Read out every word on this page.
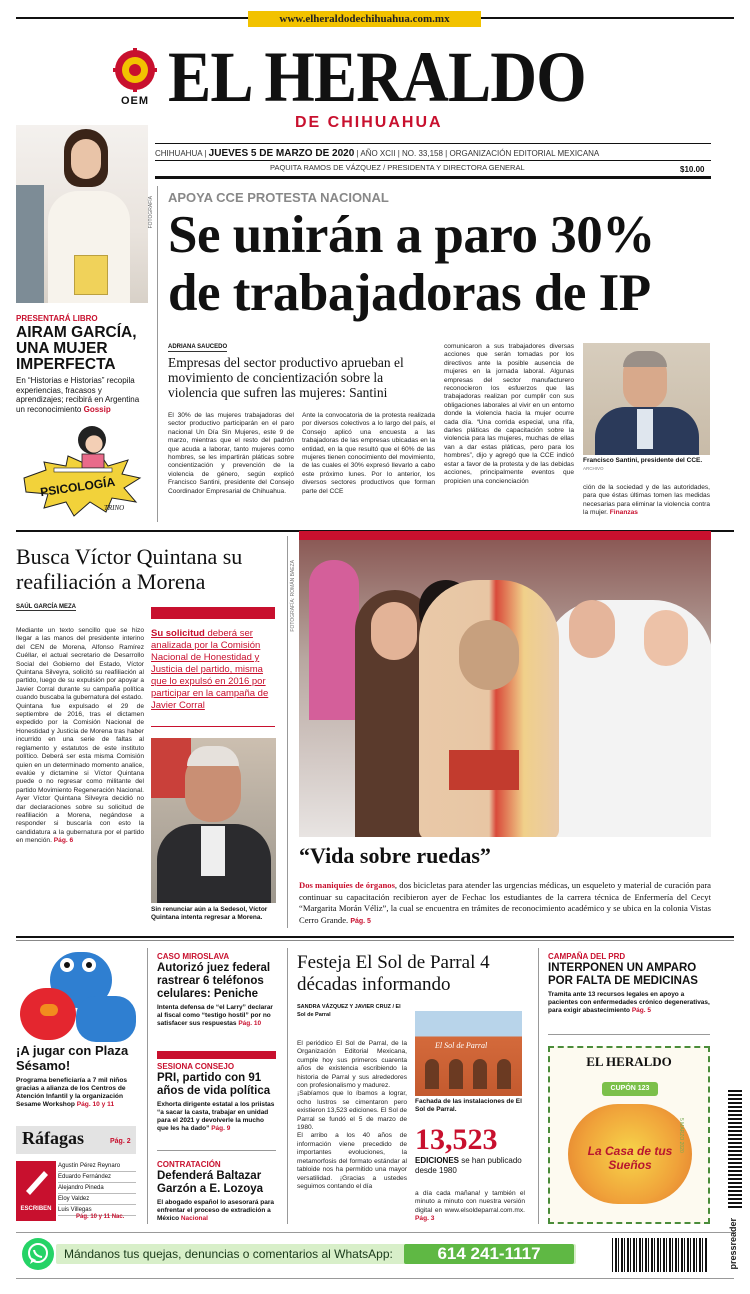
www.elheraldodechihuahua.com.mx
OEM EL HERALDO
DE CHIHUAHUA
CHIHUAHUA | JUEVES 5 DE MARZO DE 2020 | AÑO XCII | NO. 33,158 | ORGANIZACIÓN EDITORIAL MEXICANA
PAQUITA RAMOS DE VÁZQUEZ / PRESIDENTA Y DIRECTORA GENERAL	$10.00
FOTOGRAFÍA
PRESENTARÁ LIBRO
AIRAM GARCÍA, UNA MUJER IMPERFECTA
En “Historias e Historias” recopila experiencias, fracasos y aprendizajes; recibirá en Argentina un reconocimiento Gossip
PSICOLOGÍA
TRINO
APOYA CCE PROTESTA NACIONAL
Se unirán a paro 30% de trabajadoras de IP
ADRIANA SAUCEDO
Empresas del sector productivo aprueban el movimiento de concientización sobre la violencia que sufren las mujeres: Santini
El 30% de las mujeres trabajadoras del sector productivo participarán en el paro nacional Un Día Sin Mujeres, este 9 de marzo, mientras que el resto del padrón que acuda a laborar, tanto mujeres como hombres, se les impartirán pláticas sobre concientización y prevención de la violencia de género, según explicó Francisco Santini, presidente del Consejo Coordinador Empresarial de Chihuahua.
Ante la convocatoria de la protesta realizada por diversos colectivos a lo largo del país, el Consejo aplicó una encuesta a las trabajadoras de las empresas ubicadas en la entidad, en la que resultó que el 60% de las mujeres tienen conocimiento del movimiento, de las cuales el 30% expresó llevarlo a cabo este próximo lunes. Por lo anterior, los diversos sectores productivos que forman parte del CCE
comunicaron a sus trabajadores diversas acciones que serán tomadas por los directivos ante la posible ausencia de mujeres en la jornada laboral. Algunas empresas del sector manufacturero reconocieron los esfuerzos que las trabajadoras realizan por cumplir con sus obligaciones laborales al vivir en un entorno donde la violencia hacia la mujer ocurre cada día. “Una corrida especial, una rifa, darles pláticas de capacitación sobre la violencia para las mujeres, muchas de ellas van a dar estas pláticas, pero para los hombres”, dijo y agregó que la CCE indicó estar a favor de la protesta y de las debidas acciones, principalmente eventos que propicien una concienciación
Francisco Santini, presidente del CCE. ARCHIVO
ción de la sociedad y de las autoridades, para que éstas últimas tomen las medidas necesarias para eliminar la violencia contra la mujer. Finanzas
Busca Víctor Quintana su reafiliación a Morena
SAÚL GARCÍA MEZA
Mediante un texto sencillo que se hizo llegar a las manos del presidente interino del CEN de Morena, Alfonso Ramírez Cuéllar, el actual secretario de Desarrollo Social del Gobierno del Estado, Víctor Quintana Silveyra, solicitó su reafiliación al partido, luego de su expulsión por apoyar a Javier Corral durante su campaña política cuando buscaba la gubernatura del estado.
Quintana fue expulsado el 29 de septiembre de 2016, tras el dictamen expedido por la Comisión Nacional de Honestidad y Justicia de Morena tras haber incurrido en una serie de faltas al reglamento y estatutos de este instituto político. Deberá ser esta misma Comisión quien en un determinado momento analice, evalúe y dictamine si Víctor Quintana puede o no regresar como militante del partido Movimiento Regeneración Nacional.
Ayer Víctor Quintana Silveyra decidió no dar declaraciones sobre su solicitud de reafiliación a Morena, negándose a responder si buscaría con esto la candidatura a la gubernatura por el partido en mención. Pág. 6
Su solicitud deberá ser analizada por la Comisión Nacional de Honestidad y Justicia del partido, misma que lo expulsó en 2016 por participar en la campaña de Javier Corral
Sin renunciar aún a la Sedesol, Víctor Quintana intenta regresar a Morena.
FOTOGRAFÍA: ROMÁN BAEZA
“Vida sobre ruedas”
Dos maniquíes de órganos, dos bicicletas para atender las urgencias médicas, un esqueleto y material de curación para continuar su capacitación recibieron ayer de Fechac los estudiantes de la carrera técnica de Enfermería del Cecyt “Margarita Morán Véliz”, la cual se encuentra en trámites de reconocimiento académico y se ubica en la colonia Vistas Cerro Grande. Pág. 5
¡A jugar con Plaza Sésamo!
Programa beneficiaría a 7 mil niños gracias a alianza de los Centros de Atención Infantil y la organización Sesame Workshop Pág. 10 y 11
Ráfagas	Pág. 2
ESCRIBEN
Agustín Pérez Reynaro
Eduardo Fernández
Alejandro Pineda
Eloy Valdez
Luis Villegas
Pág. 10 y 11 Nac.
CASO MIROSLAVA
Autorizó juez federal rastrear 6 teléfonos celulares: Peniche
Intenta defensa de “el Larry” declarar al fiscal como “testigo hostil” por no satisfacer sus respuestas Pág. 10
SESIONA CONSEJO
PRI, partido con 91 años de vida política
Exhorta dirigente estatal a los priistas “a sacar la casta, trabajar en unidad para el 2021 y devolverle la mucho que les ha dado” Pág. 9
CONTRATACIÓN
Defenderá Baltazar Garzón a E. Lozoya
El abogado español lo asesorará para enfrentar el proceso de extradición a México Nacional
Festeja El Sol de Parral 4 décadas informando
SANDRA VÁZQUEZ Y JAVIER CRUZ / El Sol de Parral
El periódico El Sol de Parral, de la Organización Editorial Mexicana, cumple hoy sus primeros cuarenta años de existencia escribiendo la historia de Parral y sus alrededores con profesionalismo y madurez.
¡Sabíamos que lo íbamos a lograr, ocho lustros se cimentaron pero existieron 13,523 ediciones. El Sol de Parral se fundó el 5 de marzo de 1980.
El arribo a los 40 años de información viene precedido de importantes evoluciones, la metamorfosis del formato estándar al tabloide nos ha permitido una mayor versatilidad. ¡Gracias a ustedes seguimos contando el día
El Sol de Parral
Fachada de las instalaciones de El Sol de Parral.
13,523
EDICIONES se han publicado desde 1980
a día cada mañana! y también el minuto a minuto con nuestra versión digital en www.elsoldeparral.com.mx. Pág. 3
CAMPAÑA DEL PRD
INTERPONEN UN AMPARO POR FALTA DE MEDICINAS
Tramita ante 13 recursos legales en apoyo a pacientes con enfermedades crónico degenerativas, para exigir abastecimiento Pág. 5
EL HERALDO
CUPÓN 123
La Casa de tus Sueños
5 MARZO 2020
Mándanos tus quejas, denuncias o comentarios al WhatsApp:	614 241-1117	pressreader
